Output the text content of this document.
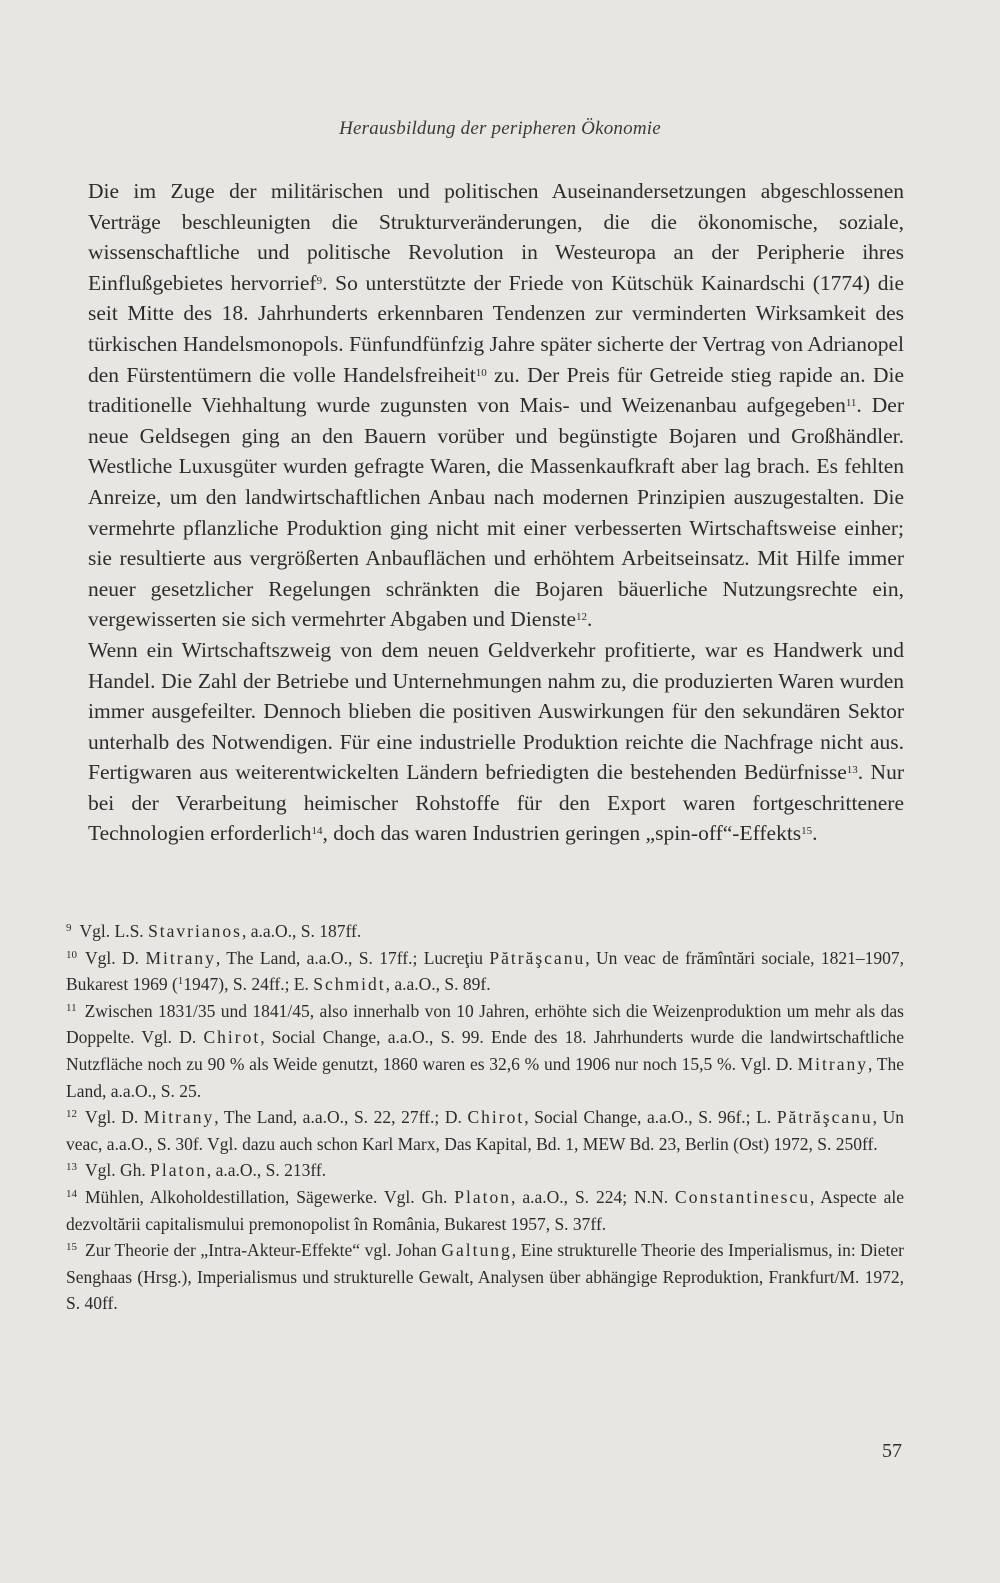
Herausbildung der peripheren Ökonomie

Die im Zuge der militärischen und politischen Auseinandersetzungen abgeschlossenen Verträge beschleunigten die Strukturveränderungen, die die ökonomische, soziale, wissenschaftliche und politische Revolution in Westeuropa an der Peripherie ihres Einflußgebietes hervorrief$^9$. So unterstützte der Friede von Kütschük Kainardschi (1774) die seit Mitte des 18. Jahrhunderts erkennbaren Tendenzen zur verminderten Wirksamkeit des türkischen Handelsmonopols. Fünfundfünfzig Jahre später sicherte der Vertrag von Adrianopel den Fürstentümern die volle Handelsfreiheit$^{10}$ zu. Der Preis für Getreide stieg rapide an. Die traditionelle Viehhaltung wurde zugunsten von Mais- und Weizenanbau aufgegeben$^{11}$. Der neue Geldsegen ging an den Bauern vorüber und begünstigte Bojaren und Großhändler. Westliche Luxusgüter wurden gefragte Waren, die Massenkaufkraft aber lag brach. Es fehlten Anreize, um den landwirtschaftlichen Anbau nach modernen Prinzipien auszugestalten. Die vermehrte pflanzliche Produktion ging nicht mit einer verbesserten Wirtschaftsweise einher; sie resultierte aus vergrößerten Anbauflächen und erhöhtem Arbeitseinsatz. Mit Hilfe immer neuer gesetzlicher Regelungen schränkten die Bojaren bäuerliche Nutzungsrechte ein, vergewisserten sie sich vermehrter Abgaben und Dienste$^{12}$.

Wenn ein Wirtschaftszweig von dem neuen Geldverkehr profitierte, war es Handwerk und Handel. Die Zahl der Betriebe und Unternehmungen nahm zu, die produzierten Waren wurden immer ausgefeilter. Dennoch blieben die positiven Auswirkungen für den sekundären Sektor unterhalb des Notwendigen. Für eine industrielle Produktion reichte die Nachfrage nicht aus. Fertigwaren aus weiterentwickelten Ländern befriedigten die bestehenden Bedürfnisse$^{13}$. Nur bei der Verarbeitung heimischer Rohstoffe für den Export waren fortgeschrittenere Technologien erforderlich$^{14}$, doch das waren Industrien geringen „spin-off“-Effekts$^{15}$.

$^9$ Vgl. L.S. Stavrianos, a.a.O., S. 187ff.

$^{10}$ Vgl. D. Mitrany, The Land, a.a.O., S. 17ff.; Lucreţiu Pătrăşcanu, Un veac de frămîntări sociale, 1821–1907, Bukarest 1969 ($^1$1947), S. 24ff.; E. Schmidt, a.a.O., S. 89f.

$^{11}$ Zwischen 1831/35 und 1841/45, also innerhalb von 10 Jahren, erhöhte sich die Weizenproduktion um mehr als das Doppelte. Vgl. D. Chirot, Social Change, a.a.O., S. 99. Ende des 18. Jahrhunderts wurde die landwirtschaftliche Nutzfläche noch zu 90 % als Weide genutzt, 1860 waren es 32,6 % und 1906 nur noch 15,5 %. Vgl. D. Mitrany, The Land, a.a.O., S. 25.

$^{12}$ Vgl. D. Mitrany, The Land, a.a.O., S. 22, 27ff.; D. Chirot, Social Change, a.a.O., S. 96f.; L. Pătrăşcanu, Un veac, a.a.O., S. 30f. Vgl. dazu auch schon Karl Marx, Das Kapital, Bd. 1, MEW Bd. 23, Berlin (Ost) 1972, S. 250ff.

$^{13}$ Vgl. Gh. Platon, a.a.O., S. 213ff.

$^{14}$ Mühlen, Alkoholdestillation, Sägewerke. Vgl. Gh. Platon, a.a.O., S. 224; N.N. Constantinescu, Aspecte ale dezvoltării capitalismului premonopolist în România, Bukarest 1957, S. 37ff.

$^{15}$ Zur Theorie der „Intra-Akteur-Effekte“ vgl. Johan Galtung, Eine strukturelle Theorie des Imperialismus, in: Dieter Senghaas (Hrsg.), Imperialismus und strukturelle Gewalt, Analysen über abhängige Reproduktion, Frankfurt/M. 1972, S. 40ff.

57
